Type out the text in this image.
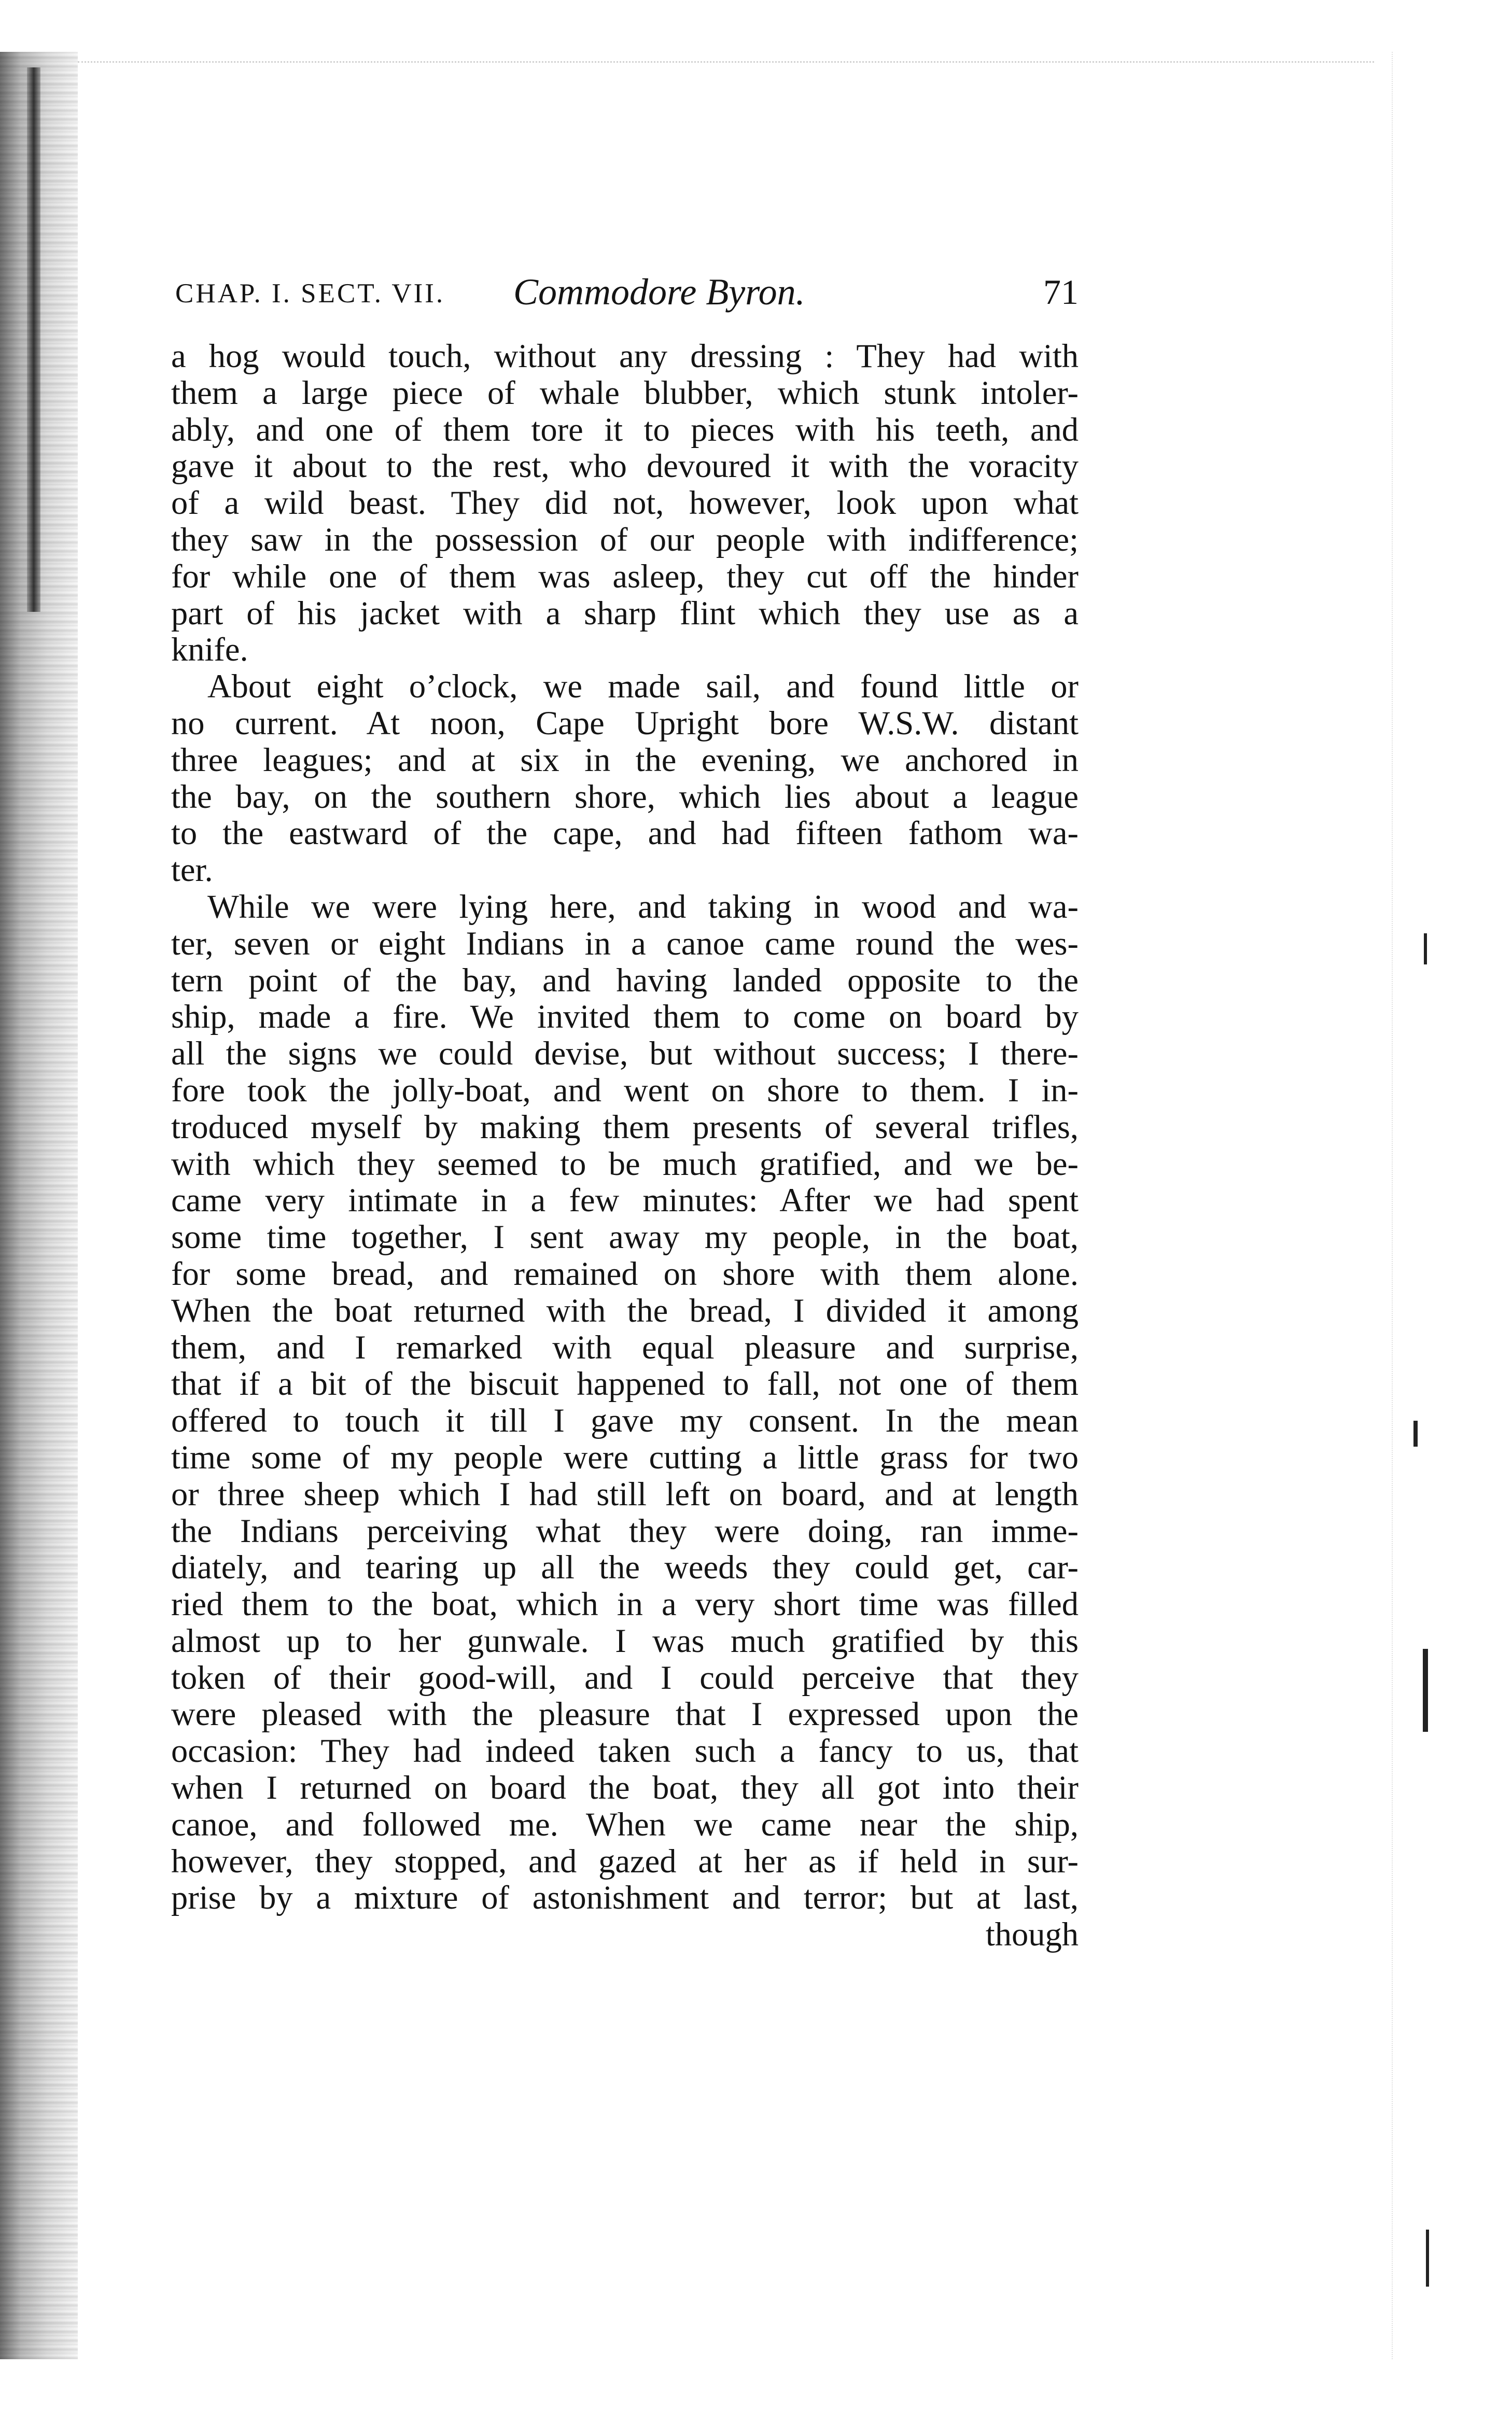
CHAP. I. SECT. VII. Commodore Byron.	71
a hog would touch, without any dressing : They had with
them a large piece of whale blubber, which stunk intoler-
ably, and one of them tore it to pieces with his teeth, and
gave it about to the rest, who devoured it with the voracity
of a wild beast. They did not, however, look upon what
they saw in the possession of our people with indifference;
for while one of them was asleep, they cut off the hinder
part of his jacket with a sharp flint which they use as a
knife.
About eight o’clock, we made sail, and found little or
no current. At noon, Cape Upright bore W.S.W. distant
three leagues; and at six in the evening, we anchored in
the bay, on the southern shore, which lies about a league
to the eastward of the cape, and had fifteen fathom wa-
ter.
While we were lying here, and taking in wood and wa-
ter, seven or eight Indians in a canoe came round the wes-
tern point of the bay, and having landed opposite to the
ship, made a fire. We invited them to come on board by
all the signs we could devise, but without success; I there-
fore took the jolly-boat, and went on shore to them. I in-
troduced myself by making them presents of several trifles,
with which they seemed to be much gratified, and we be-
came very intimate in a few minutes: After we had spent
some time together, I sent away my people, in the boat,
for some bread, and remained on shore with them alone.
When the boat returned with the bread, I divided it among
them, and I remarked with equal pleasure and surprise,
that if a bit of the biscuit happened to fall, not one of them
offered to touch it till I gave my consent. In the mean
time some of my people were cutting a little grass for two
or three sheep which I had still left on board, and at length
the Indians perceiving what they were doing, ran imme-
diately, and tearing up all the weeds they could get, car-
ried them to the boat, which in a very short time was filled
almost up to her gunwale. I was much gratified by this
token of their good-will, and I could perceive that they
were pleased with the pleasure that I expressed upon the
occasion: They had indeed taken such a fancy to us, that
when I returned on board the boat, they all got into their
canoe, and followed me. When we came near the ship,
however, they stopped, and gazed at her as if held in sur-
prise by a mixture of astonishment and terror; but at last,
though
